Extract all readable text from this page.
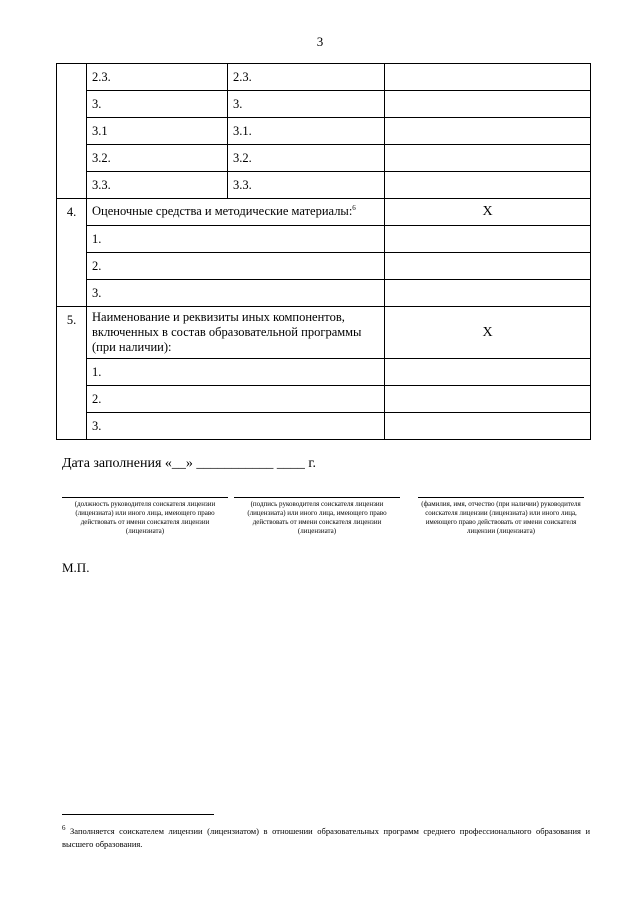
3
	2.3.	2.3.	
	3.	3.	
	3.1	3.1.	
	3.2.	3.2.	
	3.3.	3.3.	
4.	Оценочные средства и методические материалы:$^6$		X
	1.		
	2.		
	3.		
5.	Наименование и реквизиты иных компонентов, включенных в состав образовательной программы (при наличии):		X
	1.		
	2.		
	3.		
Дата заполнения «__» ___________ ____ г.
(должность руководителя соискателя лицензии (лицензиата) или иного лица, имеющего право действовать от имени соискателя лицензии (лицензиата)
(подпись руководителя соискателя лицензии (лицензиата) или иного лица, имеющего право действовать от имени соискателя лицензии (лицензиата)
(фамилия, имя, отчество (при наличии) руководителя соискателя лицензии (лицензиата) или иного лица, имеющего право действовать от имени соискателя лицензии (лицензиата)
М.П.
$^6$ Заполняется соискателем лицензии (лицензиатом) в отношении образовательных программ среднего профессионального образования и высшего образования.
